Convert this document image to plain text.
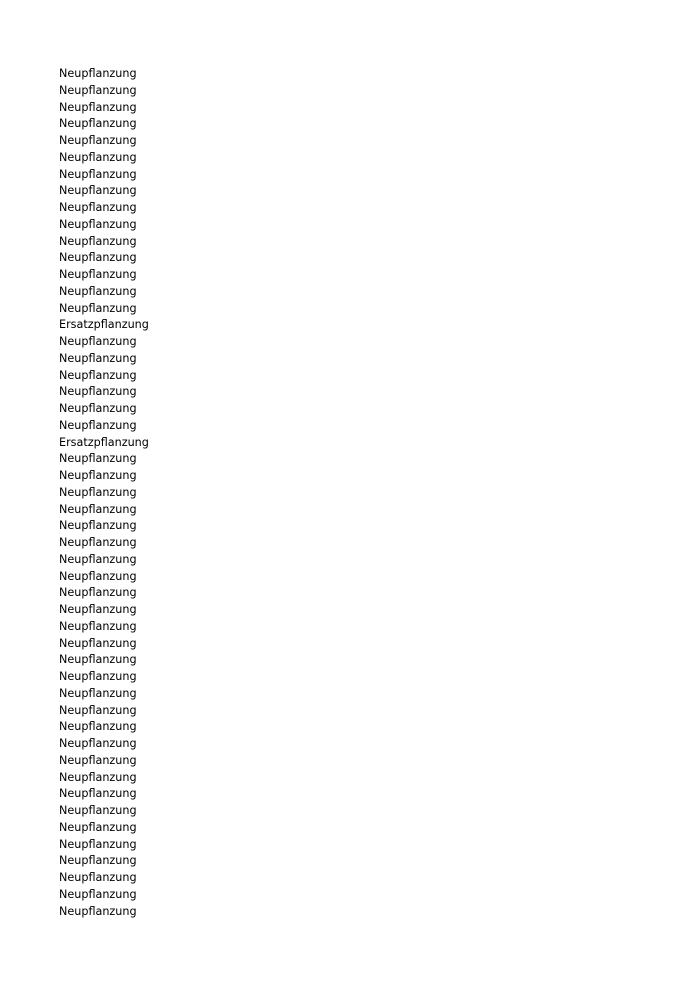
Neupflanzung
Neupflanzung
Neupflanzung
Neupflanzung
Neupflanzung
Neupflanzung
Neupflanzung
Neupflanzung
Neupflanzung
Neupflanzung
Neupflanzung
Neupflanzung
Neupflanzung
Neupflanzung
Neupflanzung
Ersatzpflanzung
Neupflanzung
Neupflanzung
Neupflanzung
Neupflanzung
Neupflanzung
Neupflanzung
Ersatzpflanzung
Neupflanzung
Neupflanzung
Neupflanzung
Neupflanzung
Neupflanzung
Neupflanzung
Neupflanzung
Neupflanzung
Neupflanzung
Neupflanzung
Neupflanzung
Neupflanzung
Neupflanzung
Neupflanzung
Neupflanzung
Neupflanzung
Neupflanzung
Neupflanzung
Neupflanzung
Neupflanzung
Neupflanzung
Neupflanzung
Neupflanzung
Neupflanzung
Neupflanzung
Neupflanzung
Neupflanzung
Neupflanzung
